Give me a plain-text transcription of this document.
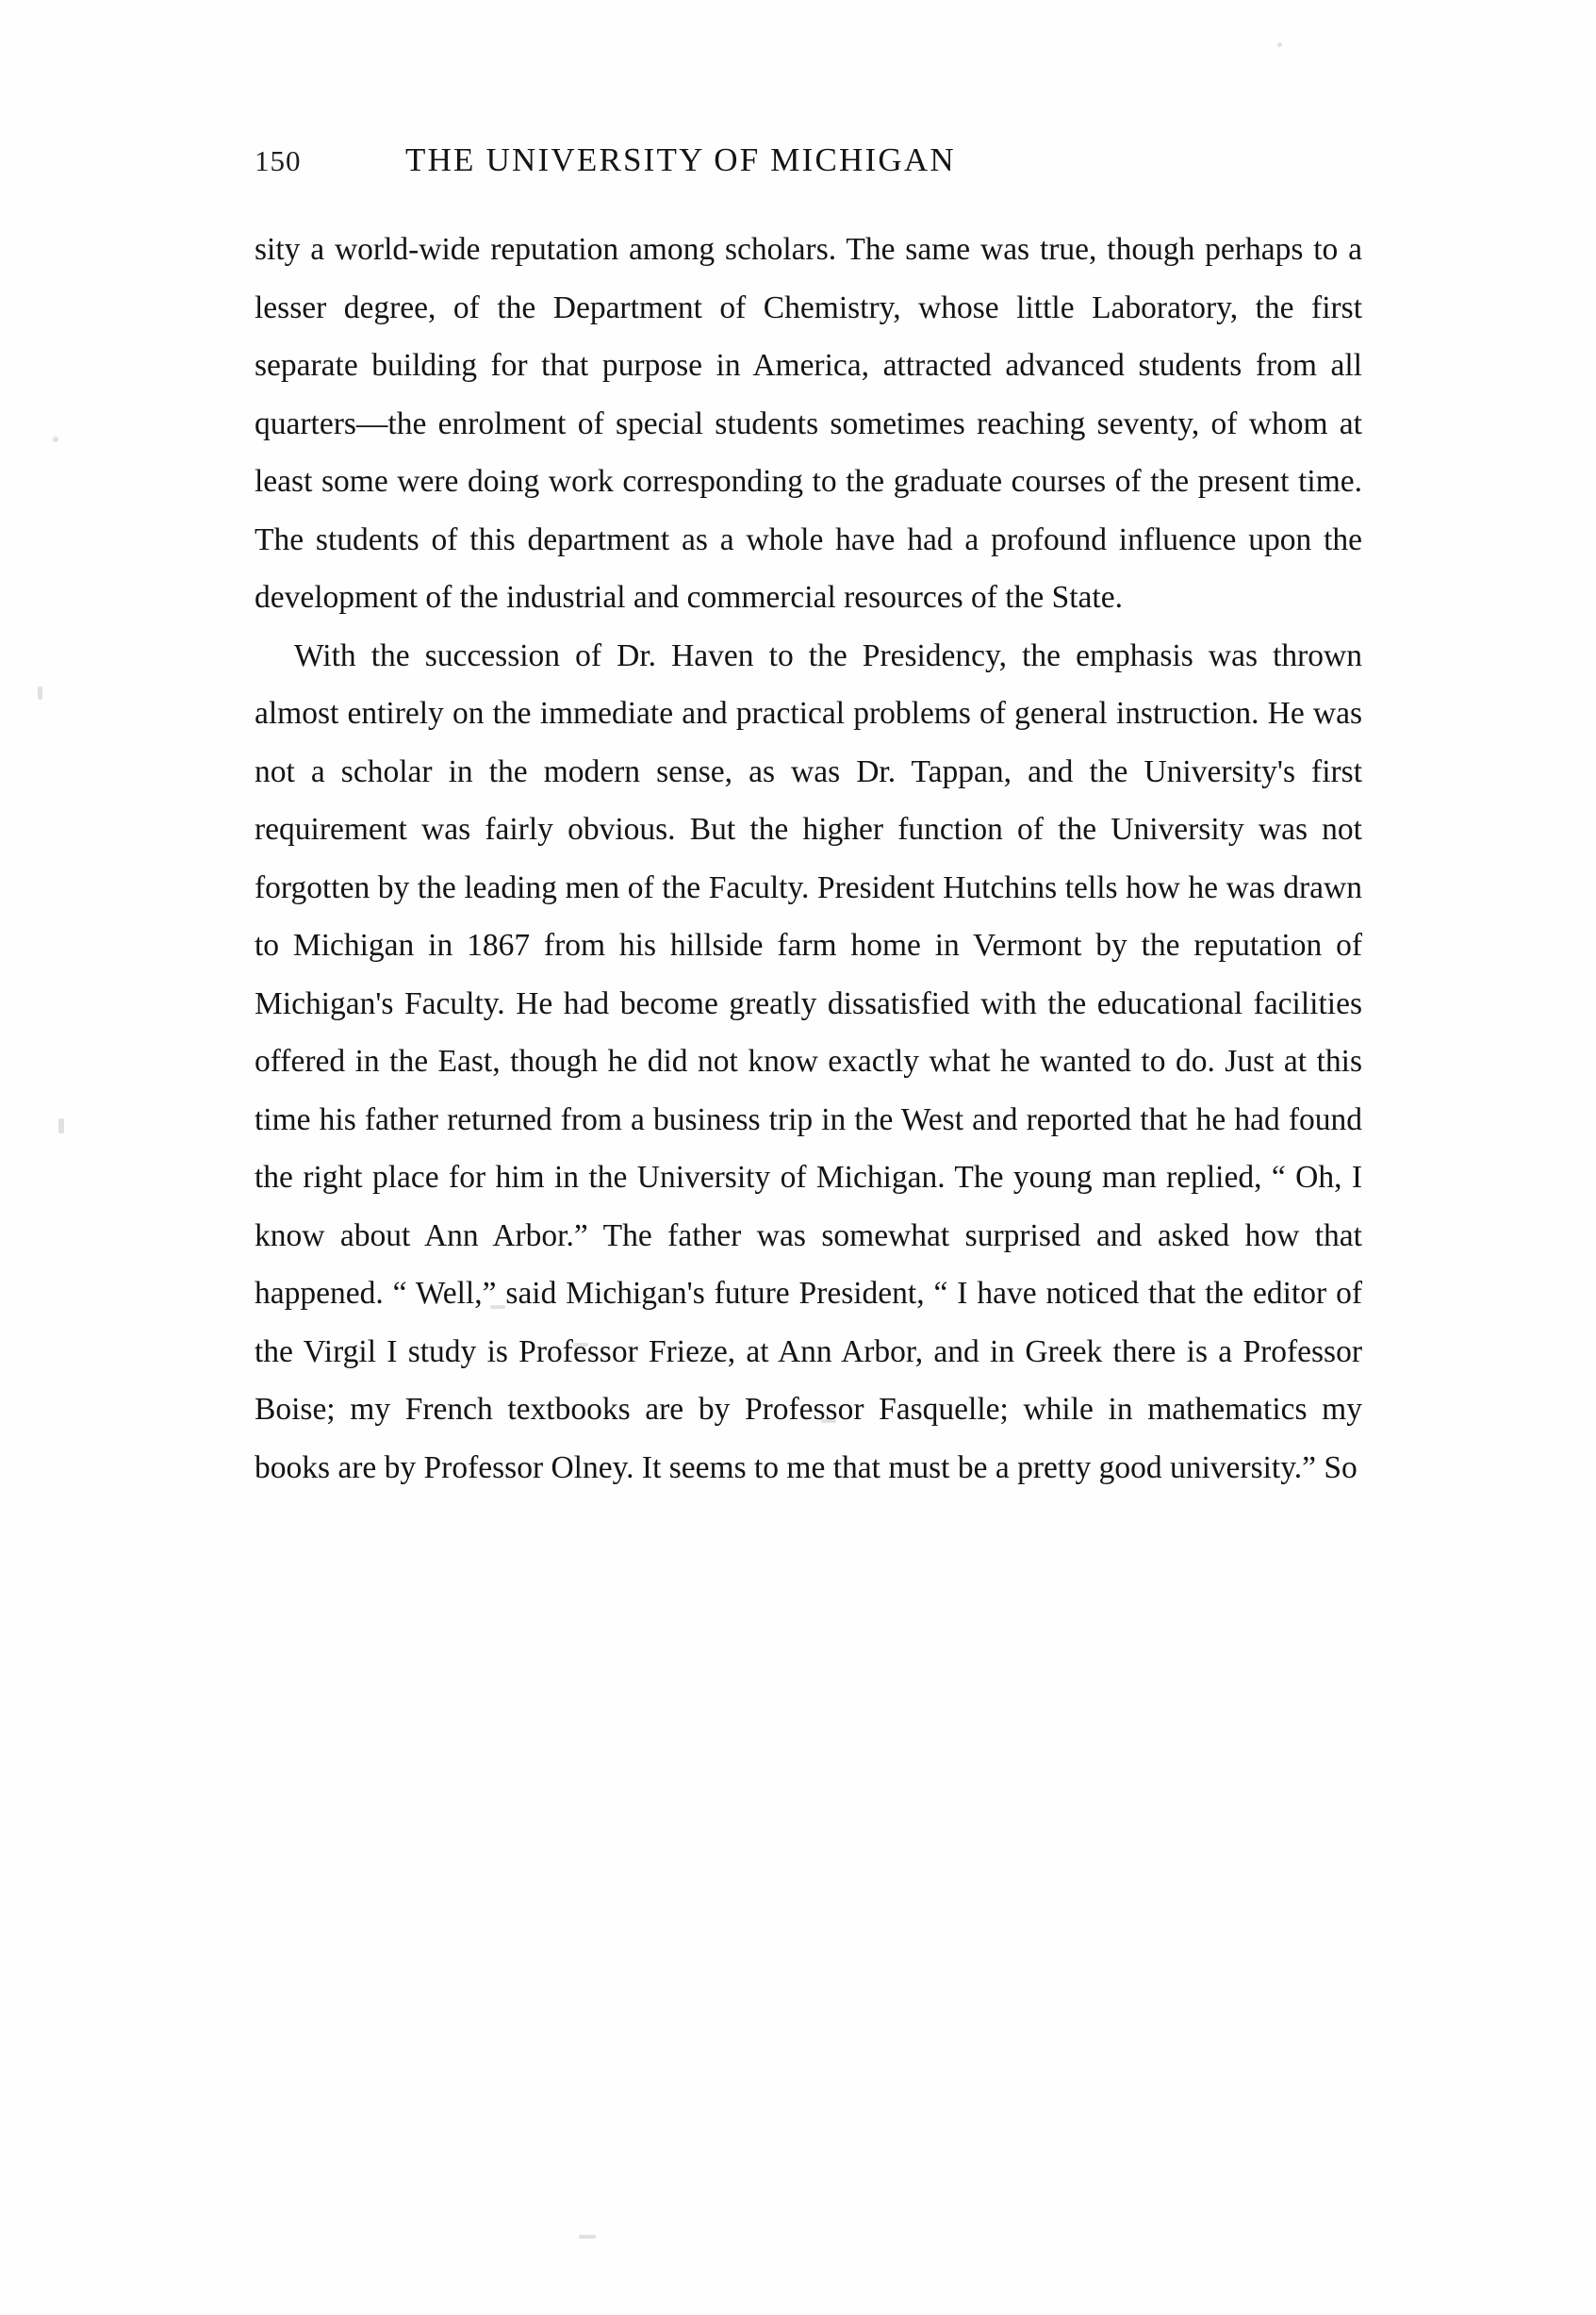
150	THE UNIVERSITY OF MICHIGAN

sity a world-wide reputation among scholars. The same was true, though perhaps to a lesser degree, of the Department of Chemistry, whose little Laboratory, the first separate building for that purpose in America, attracted advanced students from all quarters—the enrolment of special students sometimes reaching seventy, of whom at least some were doing work corresponding to the graduate courses of the present time. The students of this department as a whole have had a profound influence upon the development of the industrial and commercial resources of the State.

With the succession of Dr. Haven to the Presidency, the emphasis was thrown almost entirely on the immediate and practical problems of general instruction. He was not a scholar in the modern sense, as was Dr. Tappan, and the University's first requirement was fairly obvious. But the higher function of the University was not forgotten by the leading men of the Faculty. President Hutchins tells how he was drawn to Michigan in 1867 from his hillside farm home in Vermont by the reputation of Michigan's Faculty. He had become greatly dissatisfied with the educational facilities offered in the East, though he did not know exactly what he wanted to do. Just at this time his father returned from a business trip in the West and reported that he had found the right place for him in the University of Michigan. The young man replied, “ Oh, I know about Ann Arbor.” The father was somewhat surprised and asked how that happened. “ Well,” said Michigan's future President, “ I have noticed that the editor of the Virgil I study is Professor Frieze, at Ann Arbor, and in Greek there is a Professor Boise; my French textbooks are by Professor Fasquelle; while in mathematics my books are by Professor Olney. It seems to me that must be a pretty good university.” So
